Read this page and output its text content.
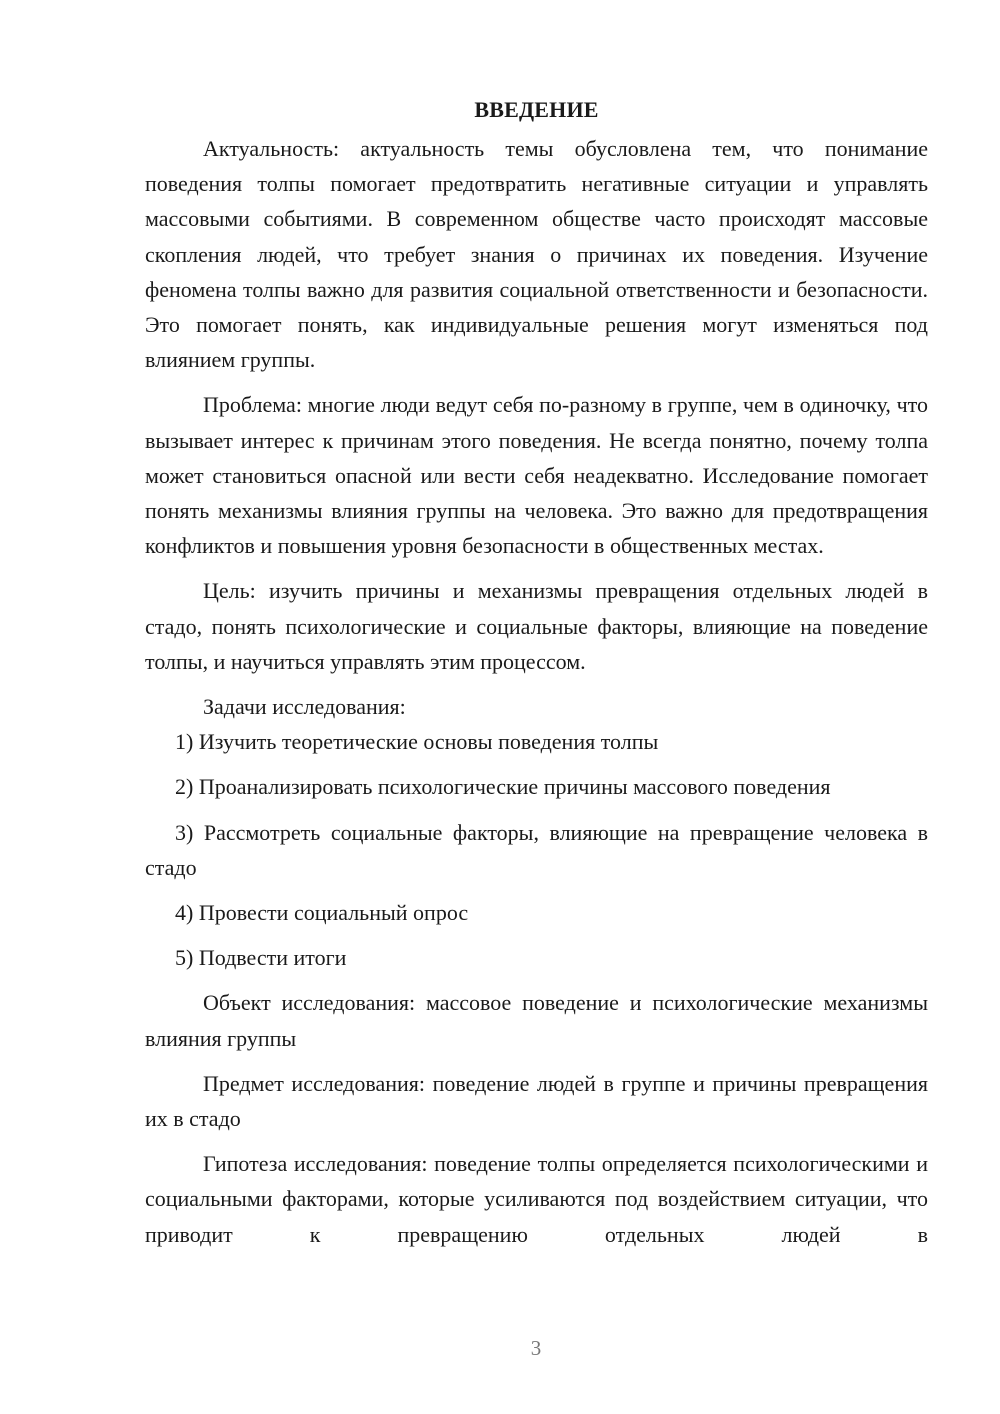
ВВЕДЕНИЕ

Актуальность: актуальность темы обусловлена тем, что понимание поведения толпы помогает предотвратить негативные ситуации и управлять массовыми событиями. В современном обществе часто происходят массовые скопления людей, что требует знания о причинах их поведения. Изучение феномена толпы важно для развития социальной ответственности и безопасности. Это помогает понять, как индивидуальные решения могут изменяться под влиянием группы.

Проблема: многие люди ведут себя по-разному в группе, чем в одиночку, что вызывает интерес к причинам этого поведения. Не всегда понятно, почему толпа может становиться опасной или вести себя неадекватно. Исследование помогает понять механизмы влияния группы на человека. Это важно для предотвращения конфликтов и повышения уровня безопасности в общественных местах.

Цель: изучить причины и механизмы превращения отдельных людей в стадо, понять психологические и социальные факторы, влияющие на поведение толпы, и научиться управлять этим процессом.

Задачи исследования:

1) Изучить теоретические основы поведения толпы

2) Проанализировать психологические причины массового поведения

3) Рассмотреть социальные факторы, влияющие на превращение человека в стадо

4) Провести социальный опрос

5) Подвести итоги

Объект исследования: массовое поведение и психологические механизмы влияния группы

Предмет исследования: поведение людей в группе и причины превращения их в стадо

Гипотеза исследования: поведение толпы определяется психологическими и социальными факторами, которые усиливаются под воздействием ситуации, что приводит к превращению отдельных людей в

3
